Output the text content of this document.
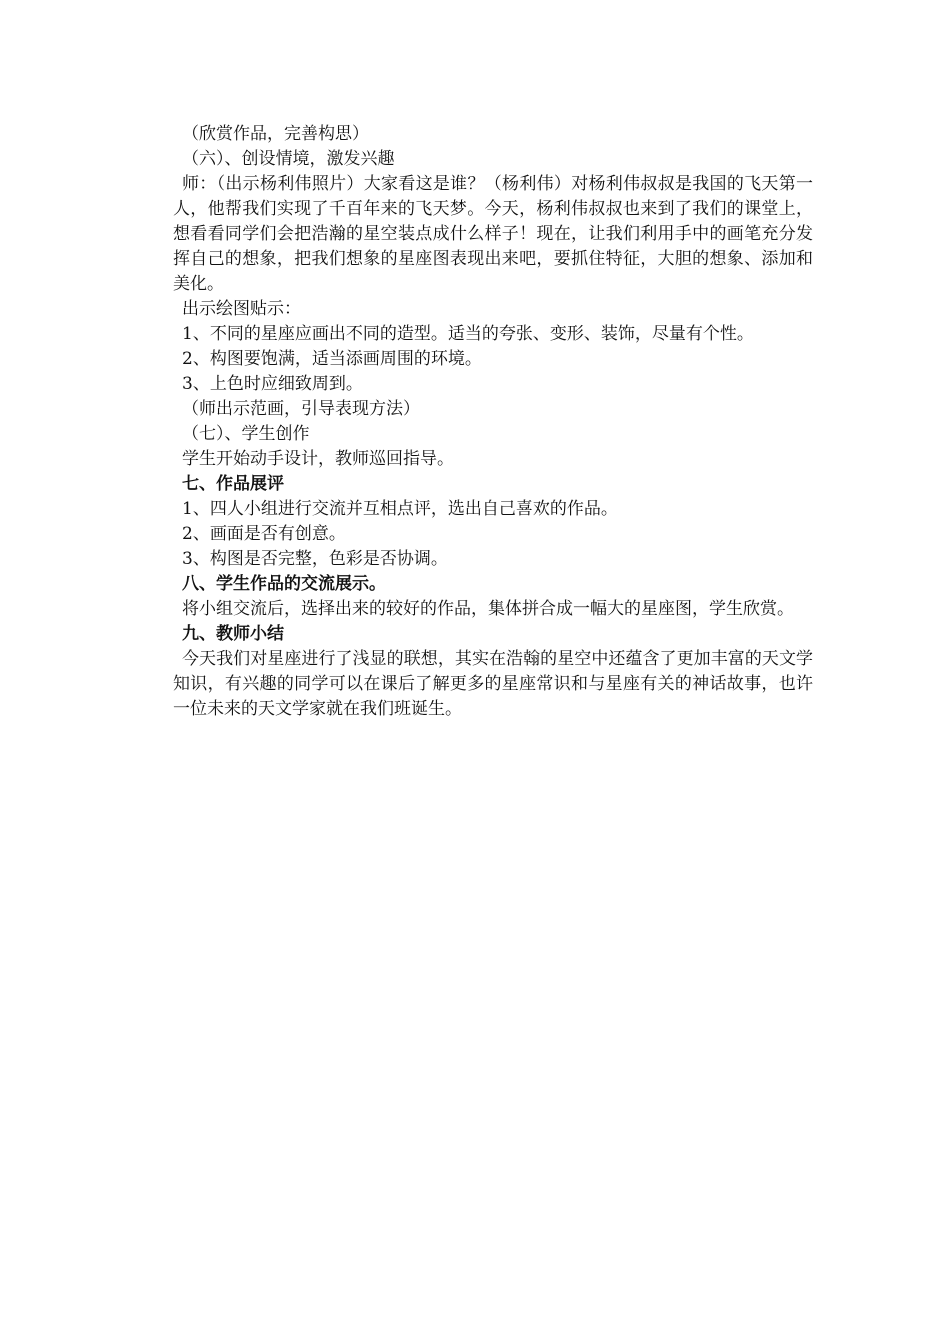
（欣赏作品，完善构思）
（六）、创设情境，激发兴趣
师：（出示杨利伟照片）大家看这是谁？（杨利伟）对杨利伟叔叔是我国的飞天第一人，他帮我们实现了千百年来的飞天梦。今天，杨利伟叔叔也来到了我们的课堂上，想看看同学们会把浩瀚的星空装点成什么样子！现在，让我们利用手中的画笔充分发挥自己的想象，把我们想象的星座图表现出来吧，要抓住特征，大胆的想象、添加和美化。
出示绘图贴示：
1、不同的星座应画出不同的造型。适当的夸张、变形、装饰，尽量有个性。
2、构图要饱满，适当添画周围的环境。
3、上色时应细致周到。
（师出示范画，引导表现方法）
（七）、学生创作
学生开始动手设计，教师巡回指导。
七、作品展评
1、四人小组进行交流并互相点评，选出自己喜欢的作品。
2、画面是否有创意。
3、构图是否完整，色彩是否协调。
八、学生作品的交流展示。
将小组交流后，选择出来的较好的作品，集体拼合成一幅大的星座图，学生欣赏。
九、教师小结
今天我们对星座进行了浅显的联想，其实在浩翰的星空中还蕴含了更加丰富的天文学知识，有兴趣的同学可以在课后了解更多的星座常识和与星座有关的神话故事，也许一位未来的天文学家就在我们班诞生。
